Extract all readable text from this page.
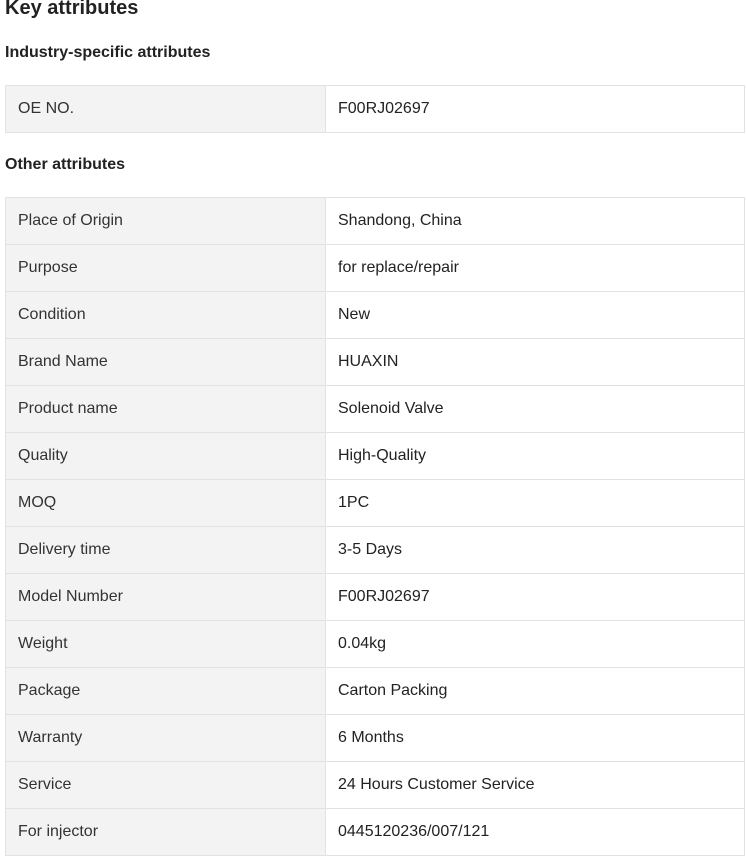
Key attributes
Industry-specific attributes
OE NO.	F00RJ02697
Other attributes
Place of Origin	Shandong, China
Purpose	for replace/repair
Condition	New
Brand Name	HUAXIN
Product name	Solenoid Valve
Quality	High-Quality
MOQ	1PC
Delivery time	3-5 Days
Model Number	F00RJ02697
Weight	0.04kg
Package	Carton Packing
Warranty	6 Months
Service	24 Hours Customer Service
For injector	0445120236/007/121
